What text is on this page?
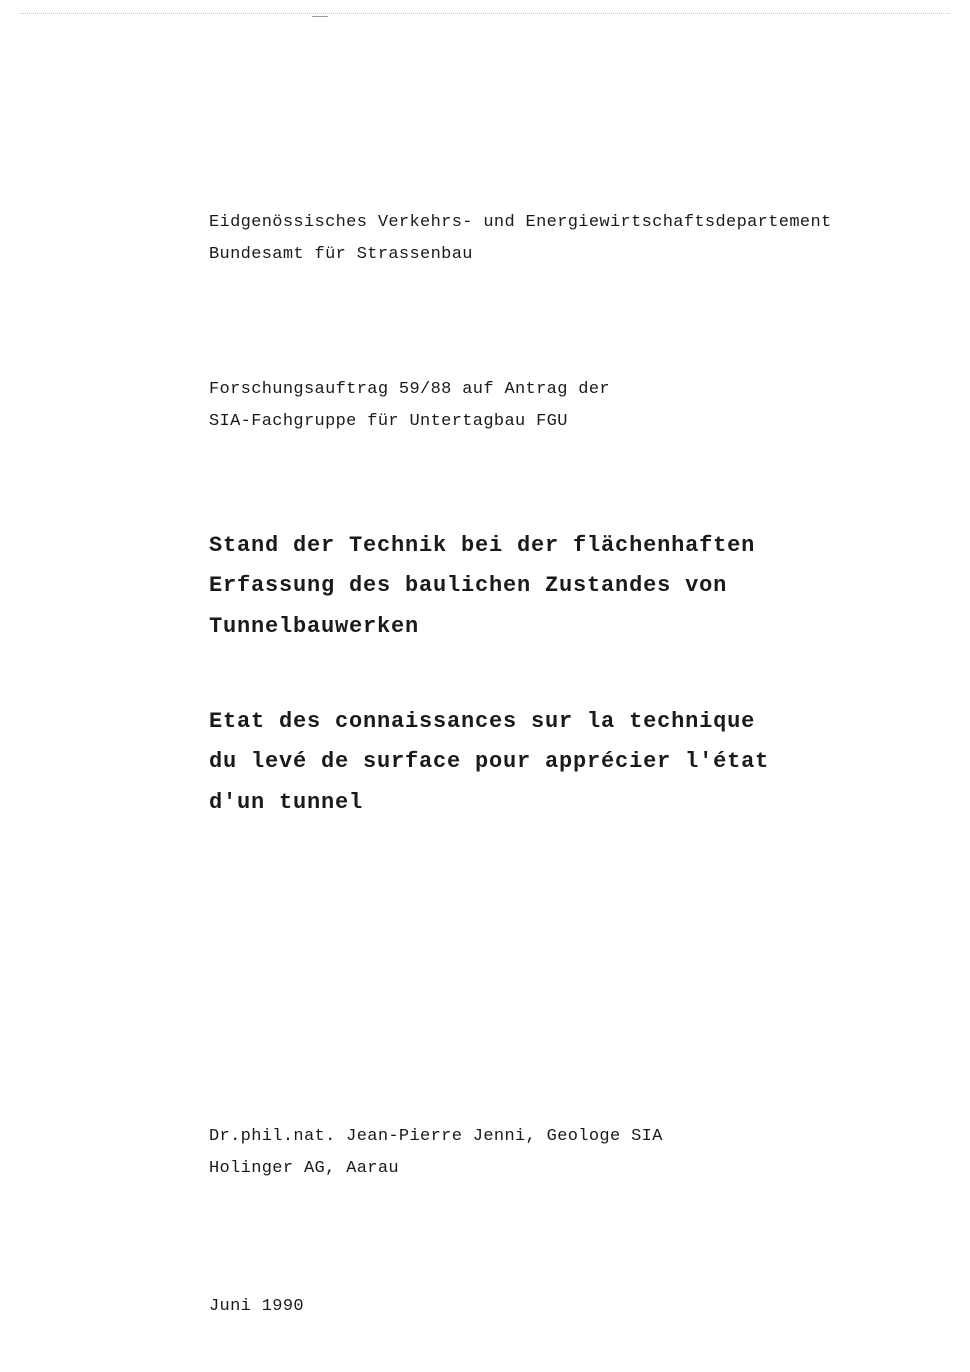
Eidgenössisches Verkehrs- und Energiewirtschaftsdepartement
Bundesamt für Strassenbau
Forschungsauftrag 59/88 auf Antrag der
SIA-Fachgruppe für Untertagbau FGU
Stand der Technik bei der flächenhaften
Erfassung des baulichen Zustandes von
Tunnelbauwerken
Etat des connaissances sur la technique
du levé de surface pour apprécier l'état
d'un tunnel
Dr.phil.nat. Jean-Pierre Jenni, Geologe SIA
Holinger AG, Aarau
Juni 1990
